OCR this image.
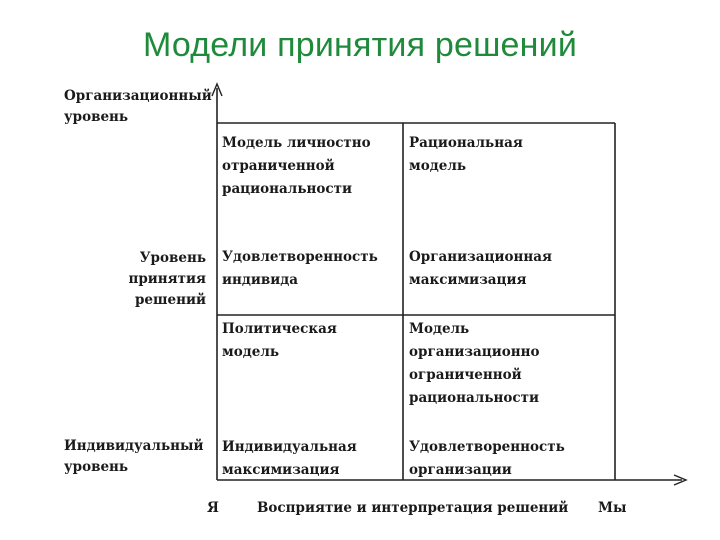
Модели принятия решений
Организационный
уровень
Уровень
принятия
решений
Индивидуальный
уровень
Модель личностно
отраниченной
рациональности
Рациональная
модель
Удовлетворенность
индивида
Организационная
максимизация
Политическая
модель
Модель
организационно
ограниченной
рациональности
Индивидуальная
максимизация
Удовлетворенность
организации
Я	Восприятие и интерпретация решений Мы
